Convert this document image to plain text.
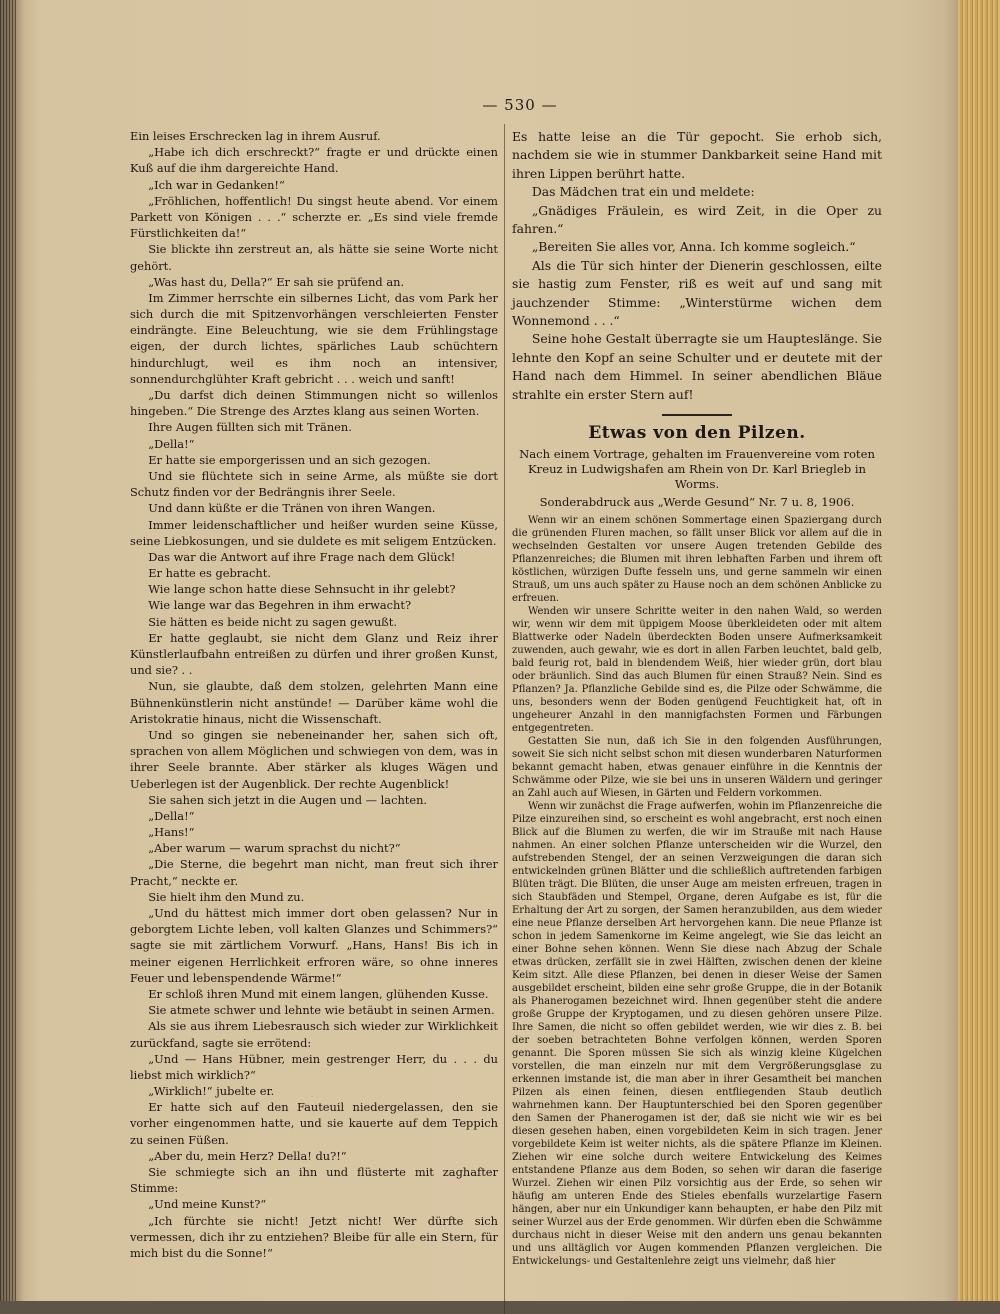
— 530 —

Ein leises Erschrecken lag in ihrem Ausruf.

„Habe ich dich erschreckt?“ fragte er und drückte einen Kuß auf die ihm dargereichte Hand.

„Ich war in Gedanken!“

„Fröhlichen, hoffentlich! Du singst heute abend. Vor einem Parkett von Königen . . .“ scherzte er. „Es sind viele fremde Fürstlichkeiten da!“

Sie blickte ihn zerstreut an, als hätte sie seine Worte nicht gehört.

„Was hast du, Della?“ Er sah sie prüfend an.

Im Zimmer herrschte ein silbernes Licht, das vom Park her sich durch die mit Spitzenvorhängen verschleierten Fenster eindrängte. Eine Beleuchtung, wie sie dem Frühlingstage eigen, der durch lichtes, spärliches Laub schüchtern hindurchlugt, weil es ihm noch an intensiver, sonnendurchglühter Kraft gebricht . . . weich und sanft!

„Du darfst dich deinen Stimmungen nicht so willenlos hingeben.“ Die Strenge des Arztes klang aus seinen Worten.

Ihre Augen füllten sich mit Tränen.

„Della!“

Er hatte sie emporgerissen und an sich gezogen.

Und sie flüchtete sich in seine Arme, als müßte sie dort Schutz finden vor der Bedrängnis ihrer Seele.

Und dann küßte er die Tränen von ihren Wangen.

Immer leidenschaftlicher und heißer wurden seine Küsse, seine Liebkosungen, und sie duldete es mit seligem Entzücken.

Das war die Antwort auf ihre Frage nach dem Glück!

Er hatte es gebracht.

Wie lange schon hatte diese Sehnsucht in ihr gelebt?

Wie lange war das Begehren in ihm erwacht?

Sie hätten es beide nicht zu sagen gewußt.

Er hatte geglaubt, sie nicht dem Glanz und Reiz ihrer Künstlerlaufbahn entreißen zu dürfen und ihrer großen Kunst, und sie? . .

Nun, sie glaubte, daß dem stolzen, gelehrten Mann eine Bühnenkünstlerin nicht anstünde! — Darüber käme wohl die Aristokratie hinaus, nicht die Wissenschaft.

Und so gingen sie nebeneinander her, sahen sich oft, sprachen von allem Möglichen und schwiegen von dem, was in ihrer Seele brannte. Aber stärker als kluges Wägen und Ueberlegen ist der Augenblick. Der rechte Augenblick!

Sie sahen sich jetzt in die Augen und — lachten.

„Della!“

„Hans!“

„Aber warum — warum sprachst du nicht?“

„Die Sterne, die begehrt man nicht, man freut sich ihrer Pracht,“ neckte er.

Sie hielt ihm den Mund zu.

„Und du hättest mich immer dort oben gelassen? Nur in geborgtem Lichte leben, voll kalten Glanzes und Schimmers?“ sagte sie mit zärtlichem Vorwurf. „Hans, Hans! Bis ich in meiner eigenen Herrlichkeit erfroren wäre, so ohne inneres Feuer und lebenspendende Wärme!“

Er schloß ihren Mund mit einem langen, glühenden Kusse.

Sie atmete schwer und lehnte wie betäubt in seinen Armen.

Als sie aus ihrem Liebesrausch sich wieder zur Wirklichkeit zurückfand, sagte sie errötend:

„Und — Hans Hübner, mein gestrenger Herr, du . . . du liebst mich wirklich?“

„Wirklich!“ jubelte er.

Er hatte sich auf den Fauteuil niedergelassen, den sie vorher eingenommen hatte, und sie kauerte auf dem Teppich zu seinen Füßen.

„Aber du, mein Herz? Della! du?!“

Sie schmiegte sich an ihn und flüsterte mit zaghafter Stimme:

„Und meine Kunst?“

„Ich fürchte sie nicht! Jetzt nicht! Wer dürfte sich vermessen, dich ihr zu entziehen? Bleibe für alle ein Stern, für mich bist du die Sonne!“

Es hatte leise an die Tür gepocht. Sie erhob sich, nachdem sie wie in stummer Dankbarkeit seine Hand mit ihren Lippen berührt hatte.

Das Mädchen trat ein und meldete:

„Gnädiges Fräulein, es wird Zeit, in die Oper zu fahren.“

„Bereiten Sie alles vor, Anna. Ich komme sogleich.“

Als die Tür sich hinter der Dienerin geschlossen, eilte sie hastig zum Fenster, riß es weit auf und sang mit jauchzender Stimme: „Winterstürme wichen dem Wonnemond . . .“

Seine hohe Gestalt überragte sie um Haupteslänge. Sie lehnte den Kopf an seine Schulter und er deutete mit der Hand nach dem Himmel. In seiner abendlichen Bläue strahlte ein erster Stern auf!

Etwas von den Pilzen.
Nach einem Vortrage, gehalten im Frauenvereine vom roten Kreuz in Ludwigshafen am Rhein von Dr. Karl Briegleb in Worms.
Sonderabdruck aus „Werde Gesund“ Nr. 7 u. 8, 1906.

Wenn wir an einem schönen Sommertage einen Spaziergang durch die grünenden Fluren machen, so fällt unser Blick vor allem auf die in wechselnden Gestalten vor unsere Augen tretenden Gebilde des Pflanzenreiches; die Blumen mit ihren lebhaften Farben und ihrem oft köstlichen, würzigen Dufte fesseln uns, und gerne sammeln wir einen Strauß, um uns auch später zu Hause noch an dem schönen Anblicke zu erfreuen.

Wenden wir unsere Schritte weiter in den nahen Wald, so werden wir, wenn wir dem mit üppigem Moose überkleideten oder mit altem Blattwerke oder Nadeln überdeckten Boden unsere Aufmerksamkeit zuwenden, auch gewahr, wie es dort in allen Farben leuchtet, bald gelb, bald feurig rot, bald in blendendem Weiß, hier wieder grün, dort blau oder bräunlich. Sind das auch Blumen für einen Strauß? Nein. Sind es Pflanzen? Ja. Pflanzliche Gebilde sind es, die Pilze oder Schwämme, die uns, besonders wenn der Boden genügend Feuchtigkeit hat, oft in ungeheurer Anzahl in den mannigfachsten Formen und Färbungen entgegentreten.

Gestatten Sie nun, daß ich Sie in den folgenden Ausführungen, soweit Sie sich nicht selbst schon mit diesen wunderbaren Naturformen bekannt gemacht haben, etwas genauer einführe in die Kenntnis der Schwämme oder Pilze, wie sie bei uns in unseren Wäldern und geringer an Zahl auch auf Wiesen, in Gärten und Feldern vorkommen.

Wenn wir zunächst die Frage aufwerfen, wohin im Pflanzenreiche die Pilze einzureihen sind, so erscheint es wohl angebracht, erst noch einen Blick auf die Blumen zu werfen, die wir im Strauße mit nach Hause nahmen. An einer solchen Pflanze unterscheiden wir die Wurzel, den aufstrebenden Stengel, der an seinen Verzweigungen die daran sich entwickelnden grünen Blätter und die schließlich auftretenden farbigen Blüten trägt. Die Blüten, die unser Auge am meisten erfreuen, tragen in sich Staubfäden und Stempel, Organe, deren Aufgabe es ist, für die Erhaltung der Art zu sorgen, der Samen heranzubilden, aus dem wieder eine neue Pflanze derselben Art hervorgehen kann. Die neue Pflanze ist schon in jedem Samenkorne im Keime angelegt, wie Sie das leicht an einer Bohne sehen können. Wenn Sie diese nach Abzug der Schale etwas drücken, zerfällt sie in zwei Hälften, zwischen denen der kleine Keim sitzt. Alle diese Pflanzen, bei denen in dieser Weise der Samen ausgebildet erscheint, bilden eine sehr große Gruppe, die in der Botanik als Phanerogamen bezeichnet wird. Ihnen gegenüber steht die andere große Gruppe der Kryptogamen, und zu diesen gehören unsere Pilze. Ihre Samen, die nicht so offen gebildet werden, wie wir dies z. B. bei der soeben betrachteten Bohne verfolgen können, werden Sporen genannt. Die Sporen müssen Sie sich als winzig kleine Kügelchen vorstellen, die man einzeln nur mit dem Vergrößerungsglase zu erkennen imstande ist, die man aber in ihrer Gesamtheit bei manchen Pilzen als einen feinen, diesen entfliegenden Staub deutlich wahrnehmen kann. Der Hauptunterschied bei den Sporen gegenüber den Samen der Phanerogamen ist der, daß sie nicht wie wir es bei diesen gesehen haben, einen vorgebildeten Keim in sich tragen. Jener vorgebildete Keim ist weiter nichts, als die spätere Pflanze im Kleinen. Ziehen wir eine solche durch weitere Entwickelung des Keimes entstandene Pflanze aus dem Boden, so sehen wir daran die faserige Wurzel. Ziehen wir einen Pilz vorsichtig aus der Erde, so sehen wir häufig am unteren Ende des Stieles ebenfalls wurzelartige Fasern hängen, aber nur ein Unkundiger kann behaupten, er habe den Pilz mit seiner Wurzel aus der Erde genommen. Wir dürfen eben die Schwämme durchaus nicht in dieser Weise mit den andern uns genau bekannten und uns alltäglich vor Augen kommenden Pflanzen vergleichen. Die Entwickelungs- und Gestaltenlehre zeigt uns vielmehr, daß hier
